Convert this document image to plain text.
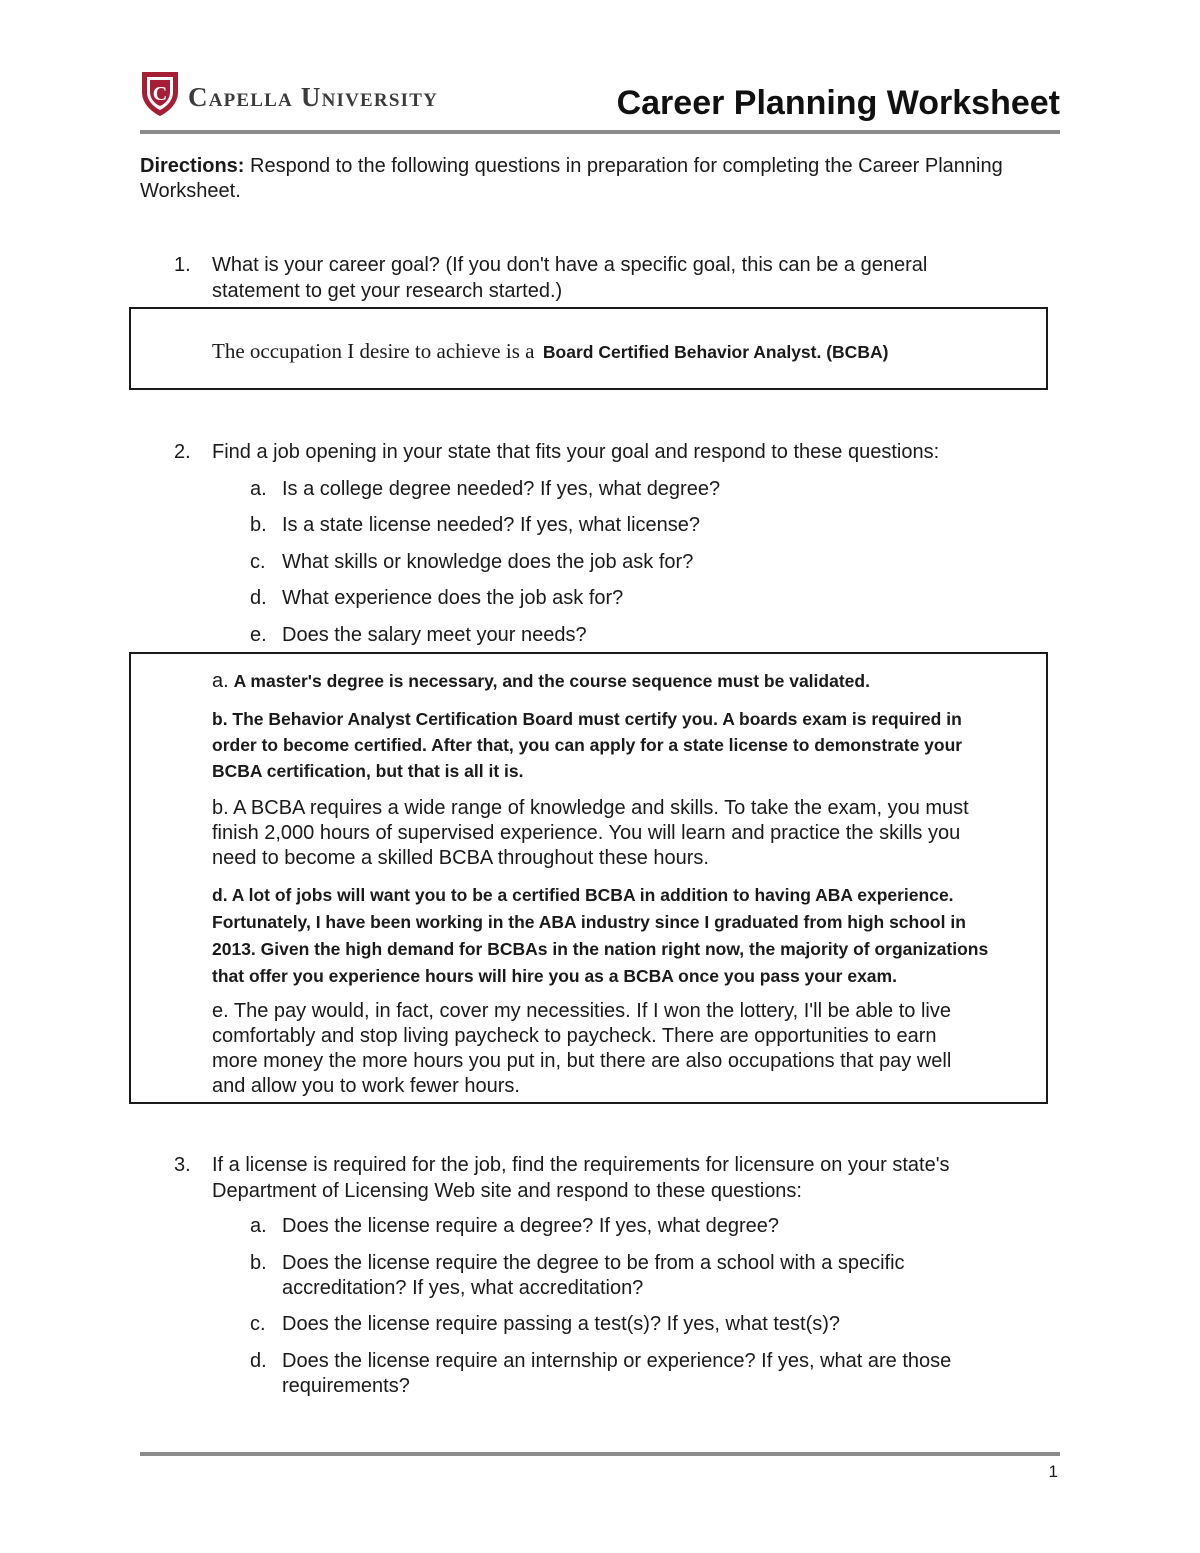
C Capella University	Career Planning Worksheet
Directions: Respond to the following questions in preparation for completing the Career Planning Worksheet.
1. What is your career goal? (If you don't have a specific goal, this can be a general
statement to get your research started.)
The occupation I desire to achieve is a Board Certified Behavior Analyst. (BCBA)
2. Find a job opening in your state that fits your goal and respond to these questions:
a. Is a college degree needed? If yes, what degree?
b. Is a state license needed? If yes, what license?
c. What skills or knowledge does the job ask for?
d. What experience does the job ask for?
e. Does the salary meet your needs?
a. A master's degree is necessary, and the course sequence must be validated.
b. The Behavior Analyst Certification Board must certify you. A boards exam is required in
order to become certified. After that, you can apply for a state license to demonstrate your
BCBA certification, but that is all it is.
b. A BCBA requires a wide range of knowledge and skills. To take the exam, you must
finish 2,000 hours of supervised experience. You will learn and practice the skills you
need to become a skilled BCBA throughout these hours.
d. A lot of jobs will want you to be a certified BCBA in addition to having ABA experience.
Fortunately, I have been working in the ABA industry since I graduated from high school in
2013. Given the high demand for BCBAs in the nation right now, the majority of organizations
that offer you experience hours will hire you as a BCBA once you pass your exam.
e. The pay would, in fact, cover my necessities. If I won the lottery, I'll be able to live
comfortably and stop living paycheck to paycheck. There are opportunities to earn
more money the more hours you put in, but there are also occupations that pay well
and allow you to work fewer hours.
3. If a license is required for the job, find the requirements for licensure on your state's
Department of Licensing Web site and respond to these questions:
a. Does the license require a degree? If yes, what degree?
b. Does the license require the degree to be from a school with a specific
accreditation? If yes, what accreditation?
c. Does the license require passing a test(s)? If yes, what test(s)?
d. Does the license require an internship or experience? If yes, what are those
requirements?
1
